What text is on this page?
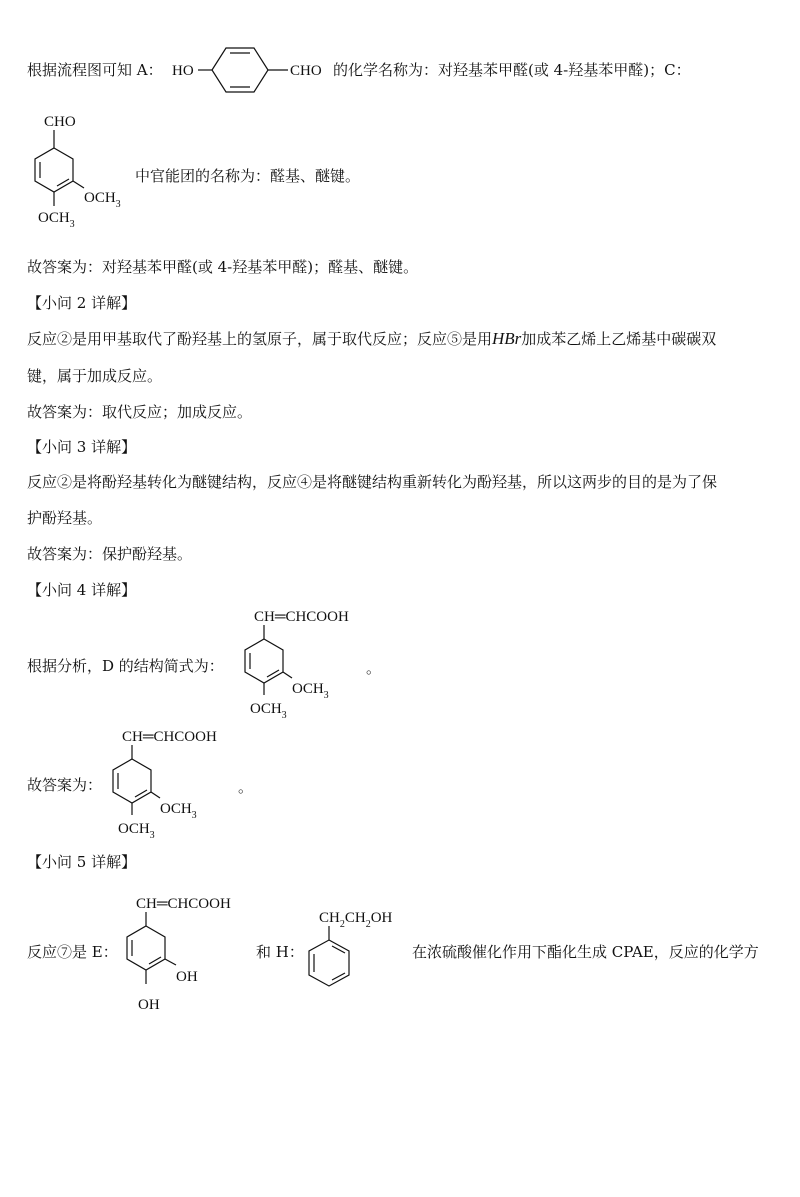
根据流程图可知 A： HO	CHO 的化学名称为：对羟基苯甲醛(或 4-羟基苯甲醛)；C：
CHO
$OCH_3$
$OCH_3$
中官能团的名称为：醛基、醚键。
故答案为：对羟基苯甲醛(或 4-羟基苯甲醛)；醛基、醚键。
【小问 2 详解】
反应②是用甲基取代了酚羟基上的氢原子，属于取代反应；反应⑤是用HBr加成苯乙烯上乙烯基中碳碳双
键，属于加成反应。
故答案为：取代反应；加成反应。
【小问 3 详解】
反应②是将酚羟基转化为醚键结构，反应④是将醚键结构重新转化为酚羟基，所以这两步的目的是为了保
护酚羟基。
故答案为：保护酚羟基。
【小问 4 详解】
根据分析，D 的结构简式为：
CH═CHCOOH
$OCH_3$
$OCH_3$
。
故答案为：
CH═CHCOOH
$OCH_3$
$OCH_3$
。
【小问 5 详解】
反应⑦是 E：
CH═CHCOOH
OH
OH
和 H：
$CH_2CH_2OH$
在浓硫酸催化作用下酯化生成 CPAE，反应的化学方
